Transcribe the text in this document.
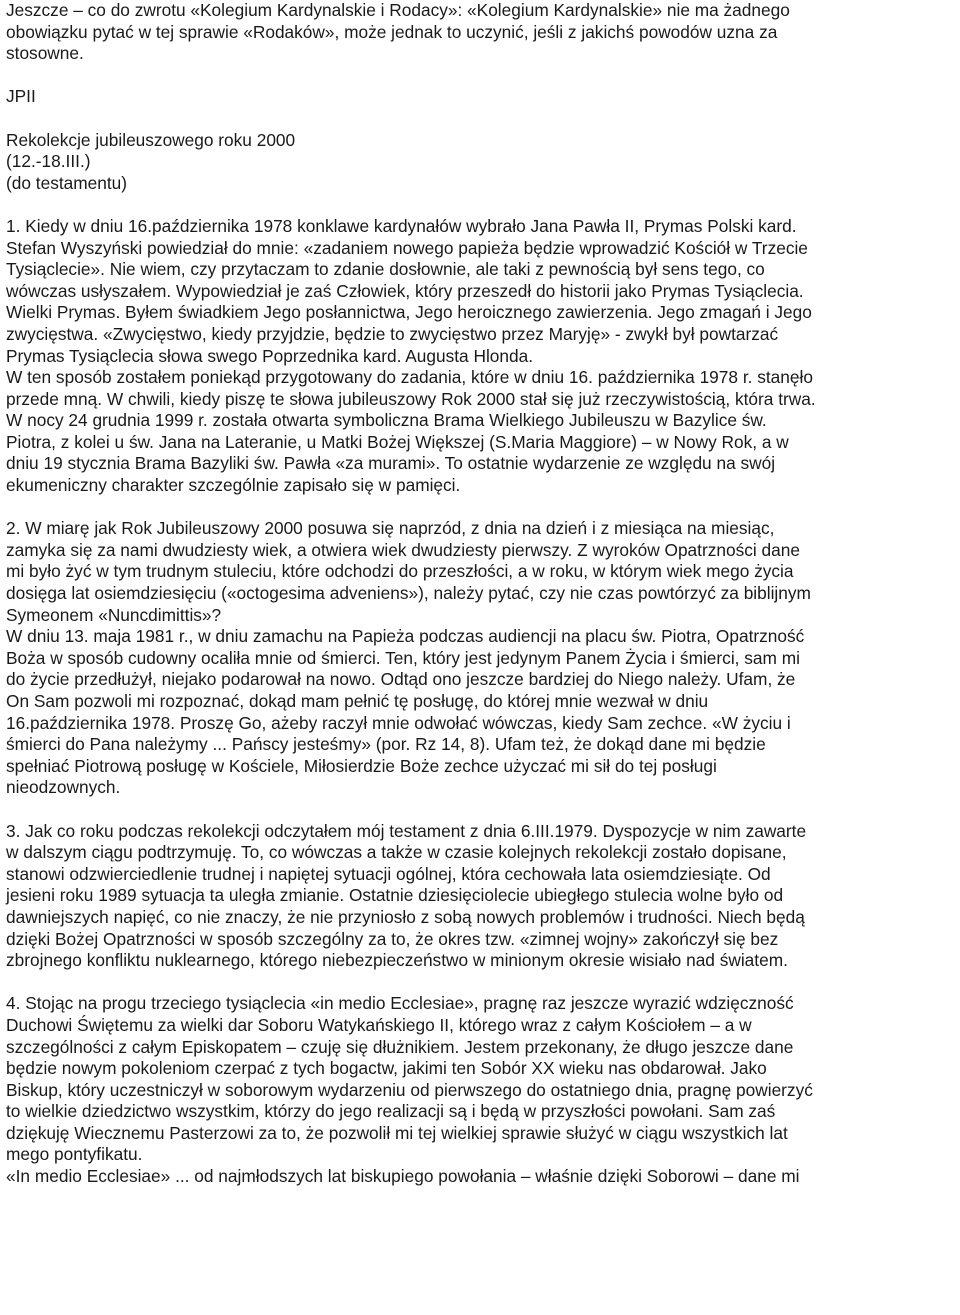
Jeszcze – co do zwrotu «Kolegium Kardynalskie i Rodacy»: «Kolegium Kardynalskie» nie ma żadnego
obowiązku pytać w tej sprawie «Rodaków», może jednak to uczynić, jeśli z jakichś powodów uzna za
stosowne.
JPII
Rekolekcje jubileuszowego roku 2000
(12.-18.III.)
(do testamentu)
1. Kiedy w dniu 16.października 1978 konklawe kardynałów wybrało Jana Pawła II, Prymas Polski kard.
Stefan Wyszyński powiedział do mnie: «zadaniem nowego papieża będzie wprowadzić Kościół w Trzecie
Tysiąclecie». Nie wiem, czy przytaczam to zdanie dosłownie, ale taki z pewnością był sens tego, co
wówczas usłyszałem. Wypowiedział je zaś Człowiek, który przeszedł do historii jako Prymas Tysiąclecia.
Wielki Prymas. Byłem świadkiem Jego posłannictwa, Jego heroicznego zawierzenia. Jego zmagań i Jego
zwycięstwa. «Zwycięstwo, kiedy przyjdzie, będzie to zwycięstwo przez Maryję» - zwykł był powtarzać
Prymas Tysiąclecia słowa swego Poprzednika kard. Augusta Hlonda.
W ten sposób zostałem poniekąd przygotowany do zadania, które w dniu 16. października 1978 r. stanęło
przede mną. W chwili, kiedy piszę te słowa jubileuszowy Rok 2000 stał się już rzeczywistością, która trwa.
W nocy 24 grudnia 1999 r. została otwarta symboliczna Brama Wielkiego Jubileuszu w Bazylice św.
Piotra, z kolei u św. Jana na Lateranie, u Matki Bożej Większej (S.Maria Maggiore) – w Nowy Rok, a w
dniu 19 stycznia Brama Bazyliki św. Pawła «za murami». To ostatnie wydarzenie ze względu na swój
ekumeniczny charakter szczególnie zapisało się w pamięci.
2. W miarę jak Rok Jubileuszowy 2000 posuwa się naprzód, z dnia na dzień i z miesiąca na miesiąc,
zamyka się za nami dwudziesty wiek, a otwiera wiek dwudziesty pierwszy. Z wyroków Opatrzności dane
mi było żyć w tym trudnym stuleciu, które odchodzi do przeszłości, a w roku, w którym wiek mego życia
dosięga lat osiemdziesięciu («octogesima adveniens»), należy pytać, czy nie czas powtórzyć za biblijnym
Symeonem «Nuncdimittis»?
W dniu 13. maja 1981 r., w dniu zamachu na Papieża podczas audiencji na placu św. Piotra, Opatrzność
Boża w sposób cudowny ocaliła mnie od śmierci. Ten, który jest jedynym Panem Życia i śmierci, sam mi
do życie przedłużył, niejako podarował na nowo. Odtąd ono jeszcze bardziej do Niego należy. Ufam, że
On Sam pozwoli mi rozpoznać, dokąd mam pełnić tę posługę, do której mnie wezwał w dniu
16.października 1978. Proszę Go, ażeby raczył mnie odwołać wówczas, kiedy Sam zechce. «W życiu i
śmierci do Pana należymy ... Pańscy jesteśmy» (por. Rz 14, 8). Ufam też, że dokąd dane mi będzie
spełniać Piotrową posługę w Kościele, Miłosierdzie Boże zechce użyczać mi sił do tej posługi
nieodzownych.
3. Jak co roku podczas rekolekcji odczytałem mój testament z dnia 6.III.1979. Dyspozycje w nim zawarte
w dalszym ciągu podtrzymuję. To, co wówczas a także w czasie kolejnych rekolekcji zostało dopisane,
stanowi odzwierciedlenie trudnej i napiętej sytuacji ogólnej, która cechowała lata osiemdziesiąte. Od
jesieni roku 1989 sytuacja ta uległa zmianie. Ostatnie dziesięciolecie ubiegłego stulecia wolne było od
dawniejszych napięć, co nie znaczy, że nie przyniosło z sobą nowych problemów i trudności. Niech będą
dzięki Bożej Opatrzności w sposób szczególny za to, że okres tzw. «zimnej wojny» zakończył się bez
zbrojnego konfliktu nuklearnego, którego niebezpieczeństwo w minionym okresie wisiało nad światem.
4. Stojąc na progu trzeciego tysiąclecia «in medio Ecclesiae», pragnę raz jeszcze wyrazić wdzięczność
Duchowi Świętemu za wielki dar Soboru Watykańskiego II, którego wraz z całym Kościołem – a w
szczególności z całym Episkopatem – czuję się dłużnikiem. Jestem przekonany, że długo jeszcze dane
będzie nowym pokoleniom czerpać z tych bogactw, jakimi ten Sobór XX wieku nas obdarował. Jako
Biskup, który uczestniczył w soborowym wydarzeniu od pierwszego do ostatniego dnia, pragnę powierzyć
to wielkie dziedzictwo wszystkim, którzy do jego realizacji są i będą w przyszłości powołani. Sam zaś
dziękuję Wiecznemu Pasterzowi za to, że pozwolił mi tej wielkiej sprawie służyć w ciągu wszystkich lat
mego pontyfikatu.
«In medio Ecclesiae» ... od najmłodszych lat biskupiego powołania – właśnie dzięki Soborowi – dane mi
